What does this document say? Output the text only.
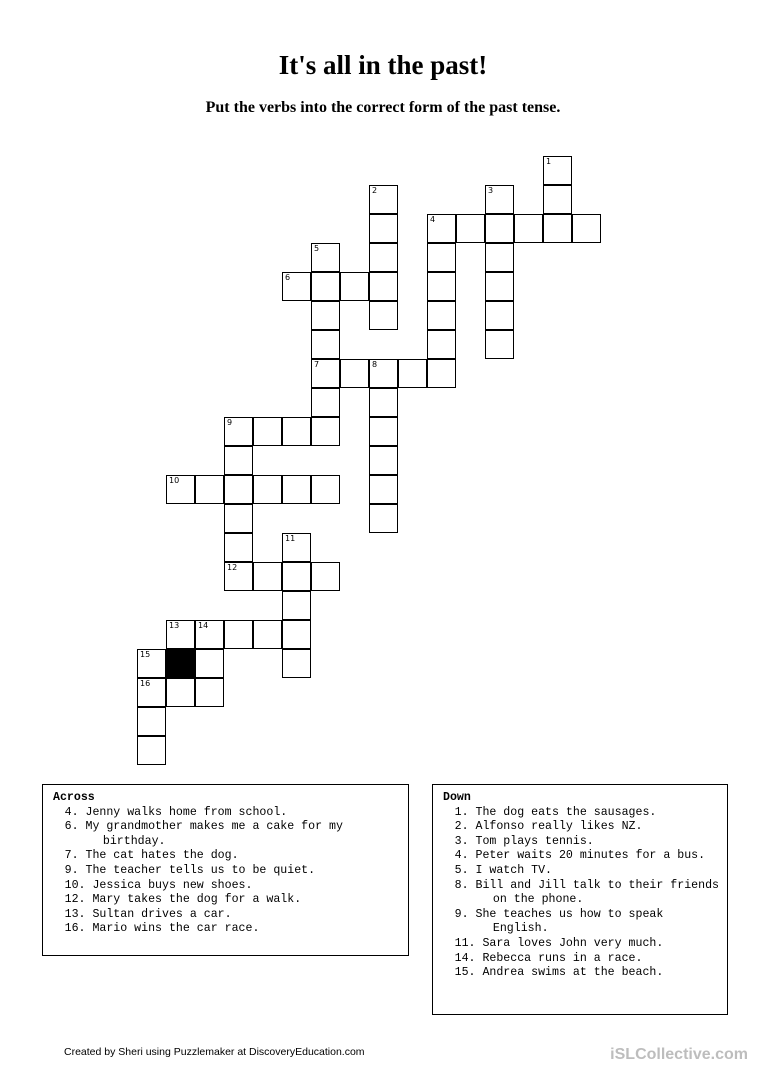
It's all in the past!
Put the verbs into the correct form of the past tense.
1
2	3
4
5
7
6
8
9
12
10
11
13 14
15
16
Across
4. Jenny walks home from school.
6. My grandmother makes me a cake for my birthday.
7. The cat hates the dog.
9. The teacher tells us to be quiet.
10. Jessica buys new shoes.
12. Mary takes the dog for a walk.
13. Sultan drives a car.
16. Mario wins the car race.
Down
1. The dog eats the sausages.
2. Alfonso really likes NZ.
3. Tom plays tennis.
4. Peter waits 20 minutes for a bus.
5. I watch TV.
8. Bill and Jill talk to their friends on the phone.
9. She teaches us how to speak English.
11. Sara loves John very much.
14. Rebecca runs in a race.
15. Andrea swims at the beach.
Created by Sheri using Puzzlemaker at DiscoveryEducation.com	iSLCollective.com
